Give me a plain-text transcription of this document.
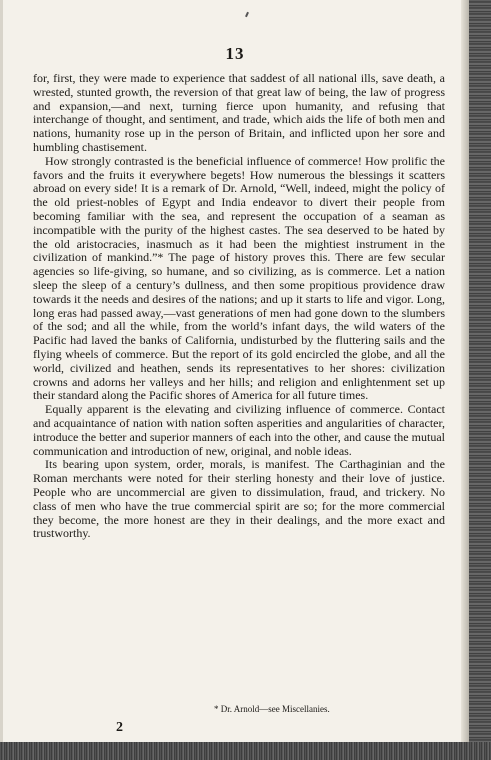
13

for, first, they were made to experience that saddest of all national ills, save death, a wrested, stunted growth, the reversion of that great law of being, the law of progress and expansion,—and next, turning fierce upon humanity, and refusing that interchange of thought, and sentiment, and trade, which aids the life of both men and nations, humanity rose up in the person of Britain, and inflicted upon her sore and humbling chastisement.

How strongly contrasted is the beneficial influence of commerce! How prolific the favors and the fruits it everywhere begets! How numerous the blessings it scatters abroad on every side! It is a remark of Dr. Arnold, “Well, indeed, might the policy of the old priest-nobles of Egypt and India endeavor to divert their people from becoming familiar with the sea, and represent the occupation of a seaman as incompatible with the purity of the highest castes. The sea deserved to be hated by the old aristocracies, inasmuch as it had been the mightiest instrument in the civilization of mankind.”* The page of history proves this. There are few secular agencies so life-giving, so humane, and so civilizing, as is commerce. Let a nation sleep the sleep of a century’s dullness, and then some propitious providence draw towards it the needs and desires of the nations; and up it starts to life and vigor. Long, long eras had passed away,—vast generations of men had gone down to the slumbers of the sod; and all the while, from the world’s infant days, the wild waters of the Pacific had laved the banks of California, undisturbed by the fluttering sails and the flying wheels of commerce. But the report of its gold encircled the globe, and all the world, civilized and heathen, sends its representatives to her shores: civilization crowns and adorns her valleys and her hills; and religion and enlightenment set up their standard along the Pacific shores of America for all future times.

Equally apparent is the elevating and civilizing influence of commerce. Contact and acquaintance of nation with nation soften asperities and angularities of character, introduce the better and superior manners of each into the other, and cause the mutual communication and introduction of new, original, and noble ideas.

Its bearing upon system, order, morals, is manifest. The Carthaginian and the Roman merchants were noted for their sterling honesty and their love of justice. People who are uncommercial are given to dissimulation, fraud, and trickery. No class of men who have the true commercial spirit are so; for the more commercial they become, the more honest are they in their dealings, and the more exact and trustworthy.

* Dr. Arnold—see Miscellanies.
2
